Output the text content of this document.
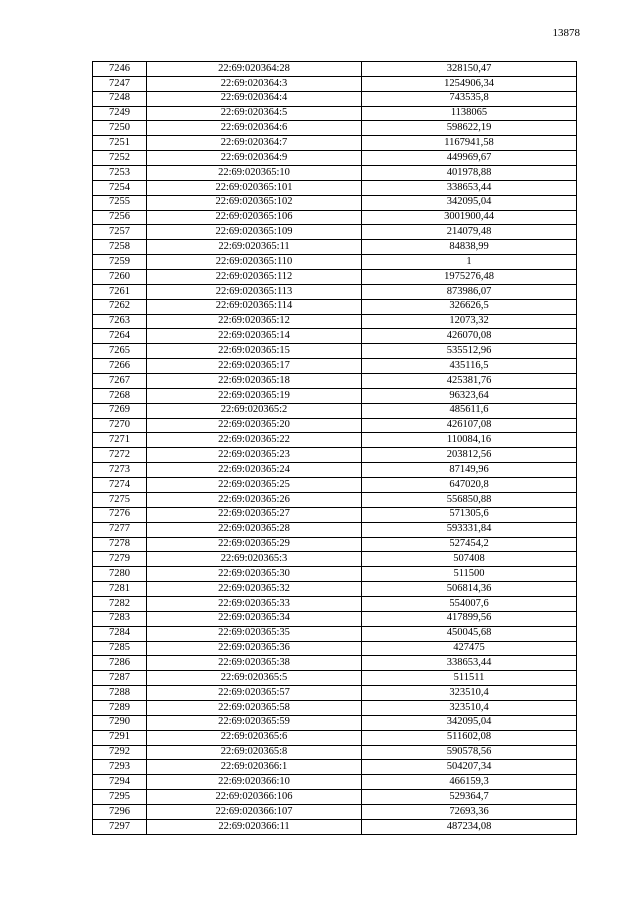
13878
7246	22:69:020364:28	328150,47
7247	22:69:020364:3	1254906,34
7248	22:69:020364:4	743535,8
7249	22:69:020364:5	1138065
7250	22:69:020364:6	598622,19
7251	22:69:020364:7	1167941,58
7252	22:69:020364:9	449969,67
7253	22:69:020365:10	401978,88
7254	22:69:020365:101	338653,44
7255	22:69:020365:102	342095,04
7256	22:69:020365:106	3001900,44
7257	22:69:020365:109	214079,48
7258	22:69:020365:11	84838,99
7259	22:69:020365:110	1
7260	22:69:020365:112	1975276,48
7261	22:69:020365:113	873986,07
7262	22:69:020365:114	326626,5
7263	22:69:020365:12	12073,32
7264	22:69:020365:14	426070,08
7265	22:69:020365:15	535512,96
7266	22:69:020365:17	435116,5
7267	22:69:020365:18	425381,76
7268	22:69:020365:19	96323,64
7269	22:69:020365:2	485611,6
7270	22:69:020365:20	426107,08
7271	22:69:020365:22	110084,16
7272	22:69:020365:23	203812,56
7273	22:69:020365:24	87149,96
7274	22:69:020365:25	647020,8
7275	22:69:020365:26	556850,88
7276	22:69:020365:27	571305,6
7277	22:69:020365:28	593331,84
7278	22:69:020365:29	527454,2
7279	22:69:020365:3	507408
7280	22:69:020365:30	511500
7281	22:69:020365:32	506814,36
7282	22:69:020365:33	554007,6
7283	22:69:020365:34	417899,56
7284	22:69:020365:35	450045,68
7285	22:69:020365:36	427475
7286	22:69:020365:38	338653,44
7287	22:69:020365:5	511511
7288	22:69:020365:57	323510,4
7289	22:69:020365:58	323510,4
7290	22:69:020365:59	342095,04
7291	22:69:020365:6	511602,08
7292	22:69:020365:8	590578,56
7293	22:69:020366:1	504207,34
7294	22:69:020366:10	466159,3
7295	22:69:020366:106	529364,7
7296	22:69:020366:107	72693,36
7297	22:69:020366:11	487234,08
